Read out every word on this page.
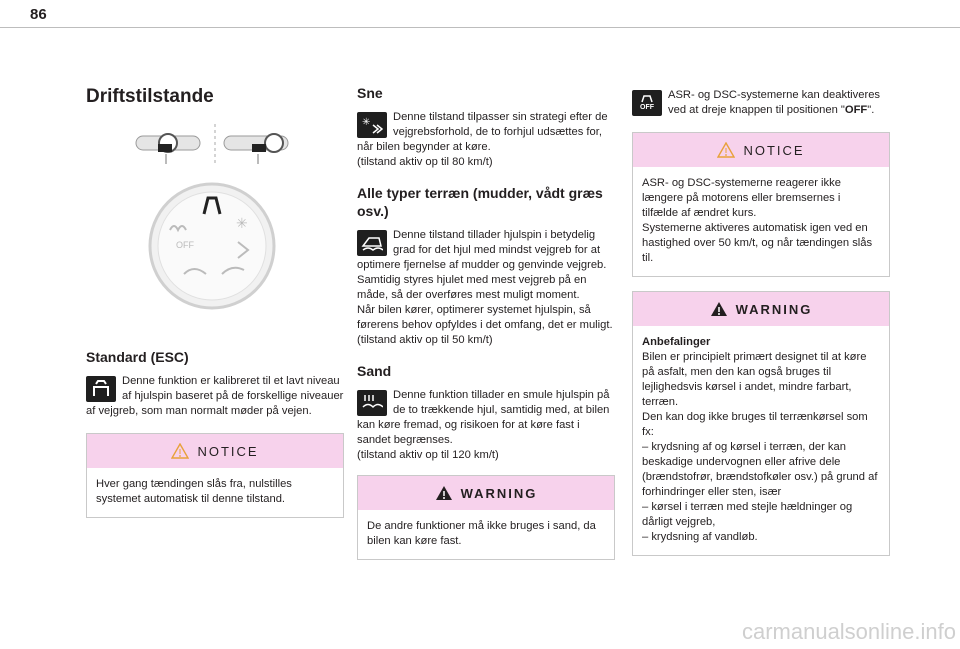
86
Driftstilstande
OFF
✳
Standard (ESC)

Denne funktion er kalibreret til et lavt niveau af hjulspin baseret på de forskellige niveauer af vejgreb, som man normalt møder på vejen.

NOTICE

Hver gang tændingen slås fra, nulstilles systemet automatisk til denne tilstand.

Sne
✳	Denne tilstand tilpasser sin strategi efter de vejgrebsforhold, de to forhjul udsættes for, når bilen begynder at køre.

(tilstand aktiv op til 80 km/t)

Alle typer terræn (mudder, vådt græs osv.)

Denne tilstand tillader hjulspin i betydelig grad for det hjul med mindst vejgreb for at optimere fjernelse af mudder og genvinde vejgreb. Samtidig styres hjulet med mest vejgreb på en måde, så der overføres mest muligt moment.

Når bilen kører, optimerer systemet hjulspin, så førerens behov opfyldes i det omfang, det er muligt.

(tilstand aktiv op til 50 km/t)

Sand

Denne funktion tillader en smule hjulspin på de to trækkende hjul, samtidig med, at bilen kan køre fremad, og risikoen for at køre fast i sandet begrænses.

(tilstand aktiv op til 120 km/t)

WARNING

De andre funktioner må ikke bruges i sand, da bilen kan køre fast.

OFF

ASR- og DSC-systemerne kan deaktiveres ved at dreje knappen til positionen "OFF".

NOTICE

ASR- og DSC-systemerne reagerer ikke længere på motorens eller bremsernes i tilfælde af ændret kurs.

Systemerne aktiveres automatisk igen ved en hastighed over 50 km/t, og når tændingen slås til.

WARNING

Anbefalinger

Bilen er principielt primært designet til at køre på asfalt, men den kan også bruges til lejlighedsvis kørsel i andet, mindre farbart, terræn.

Den kan dog ikke bruges til terrænkørsel som fx:

– krydsning af og kørsel i terræn, der kan beskadige undervognen eller afrive dele (brændstofrør, brændstofkøler osv.) på grund af forhindringer eller sten, især

– kørsel i terræn med stejle hældninger og dårligt vejgreb,

– krydsning af vandløb.

carmanualsonline.info
